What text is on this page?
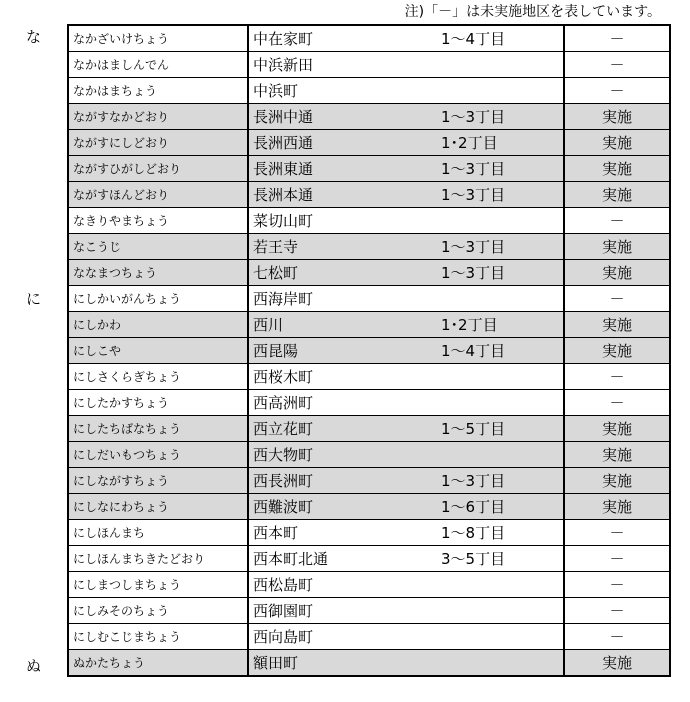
注)「－」は未実施地区を表しています。
な
に
ぬ
なかざいけちょう	中在家町	1～4丁目	－
なかはましんでん	中浜新田		－
なかはまちょう	中浜町		－
ながすなかどおり	長洲中通	1～3丁目	実施
ながすにしどおり	長洲西通	1･2丁目	実施
ながすひがしどおり	長洲東通	1～3丁目	実施
ながすほんどおり	長洲本通	1～3丁目	実施
なきりやまちょう	菜切山町		－
なこうじ	若王寺	1～3丁目	実施
ななまつちょう	七松町	1～3丁目	実施
にしかいがんちょう	西海岸町		－
にしかわ	西川	1･2丁目	実施
にしこや	西昆陽	1～4丁目	実施
にしさくらぎちょう	西桜木町		－
にしたかすちょう	西高洲町		－
にしたちばなちょう	西立花町	1～5丁目	実施
にしだいもつちょう	西大物町		実施
にしながすちょう	西長洲町	1～3丁目	実施
にしなにわちょう	西難波町	1～6丁目	実施
にしほんまち	西本町	1～8丁目	－
にしほんまちきたどおり	西本町北通	3～5丁目	－
にしまつしまちょう	西松島町		－
にしみそのちょう	西御園町		－
にしむこじまちょう	西向島町		－
ぬかたちょう	額田町		実施
